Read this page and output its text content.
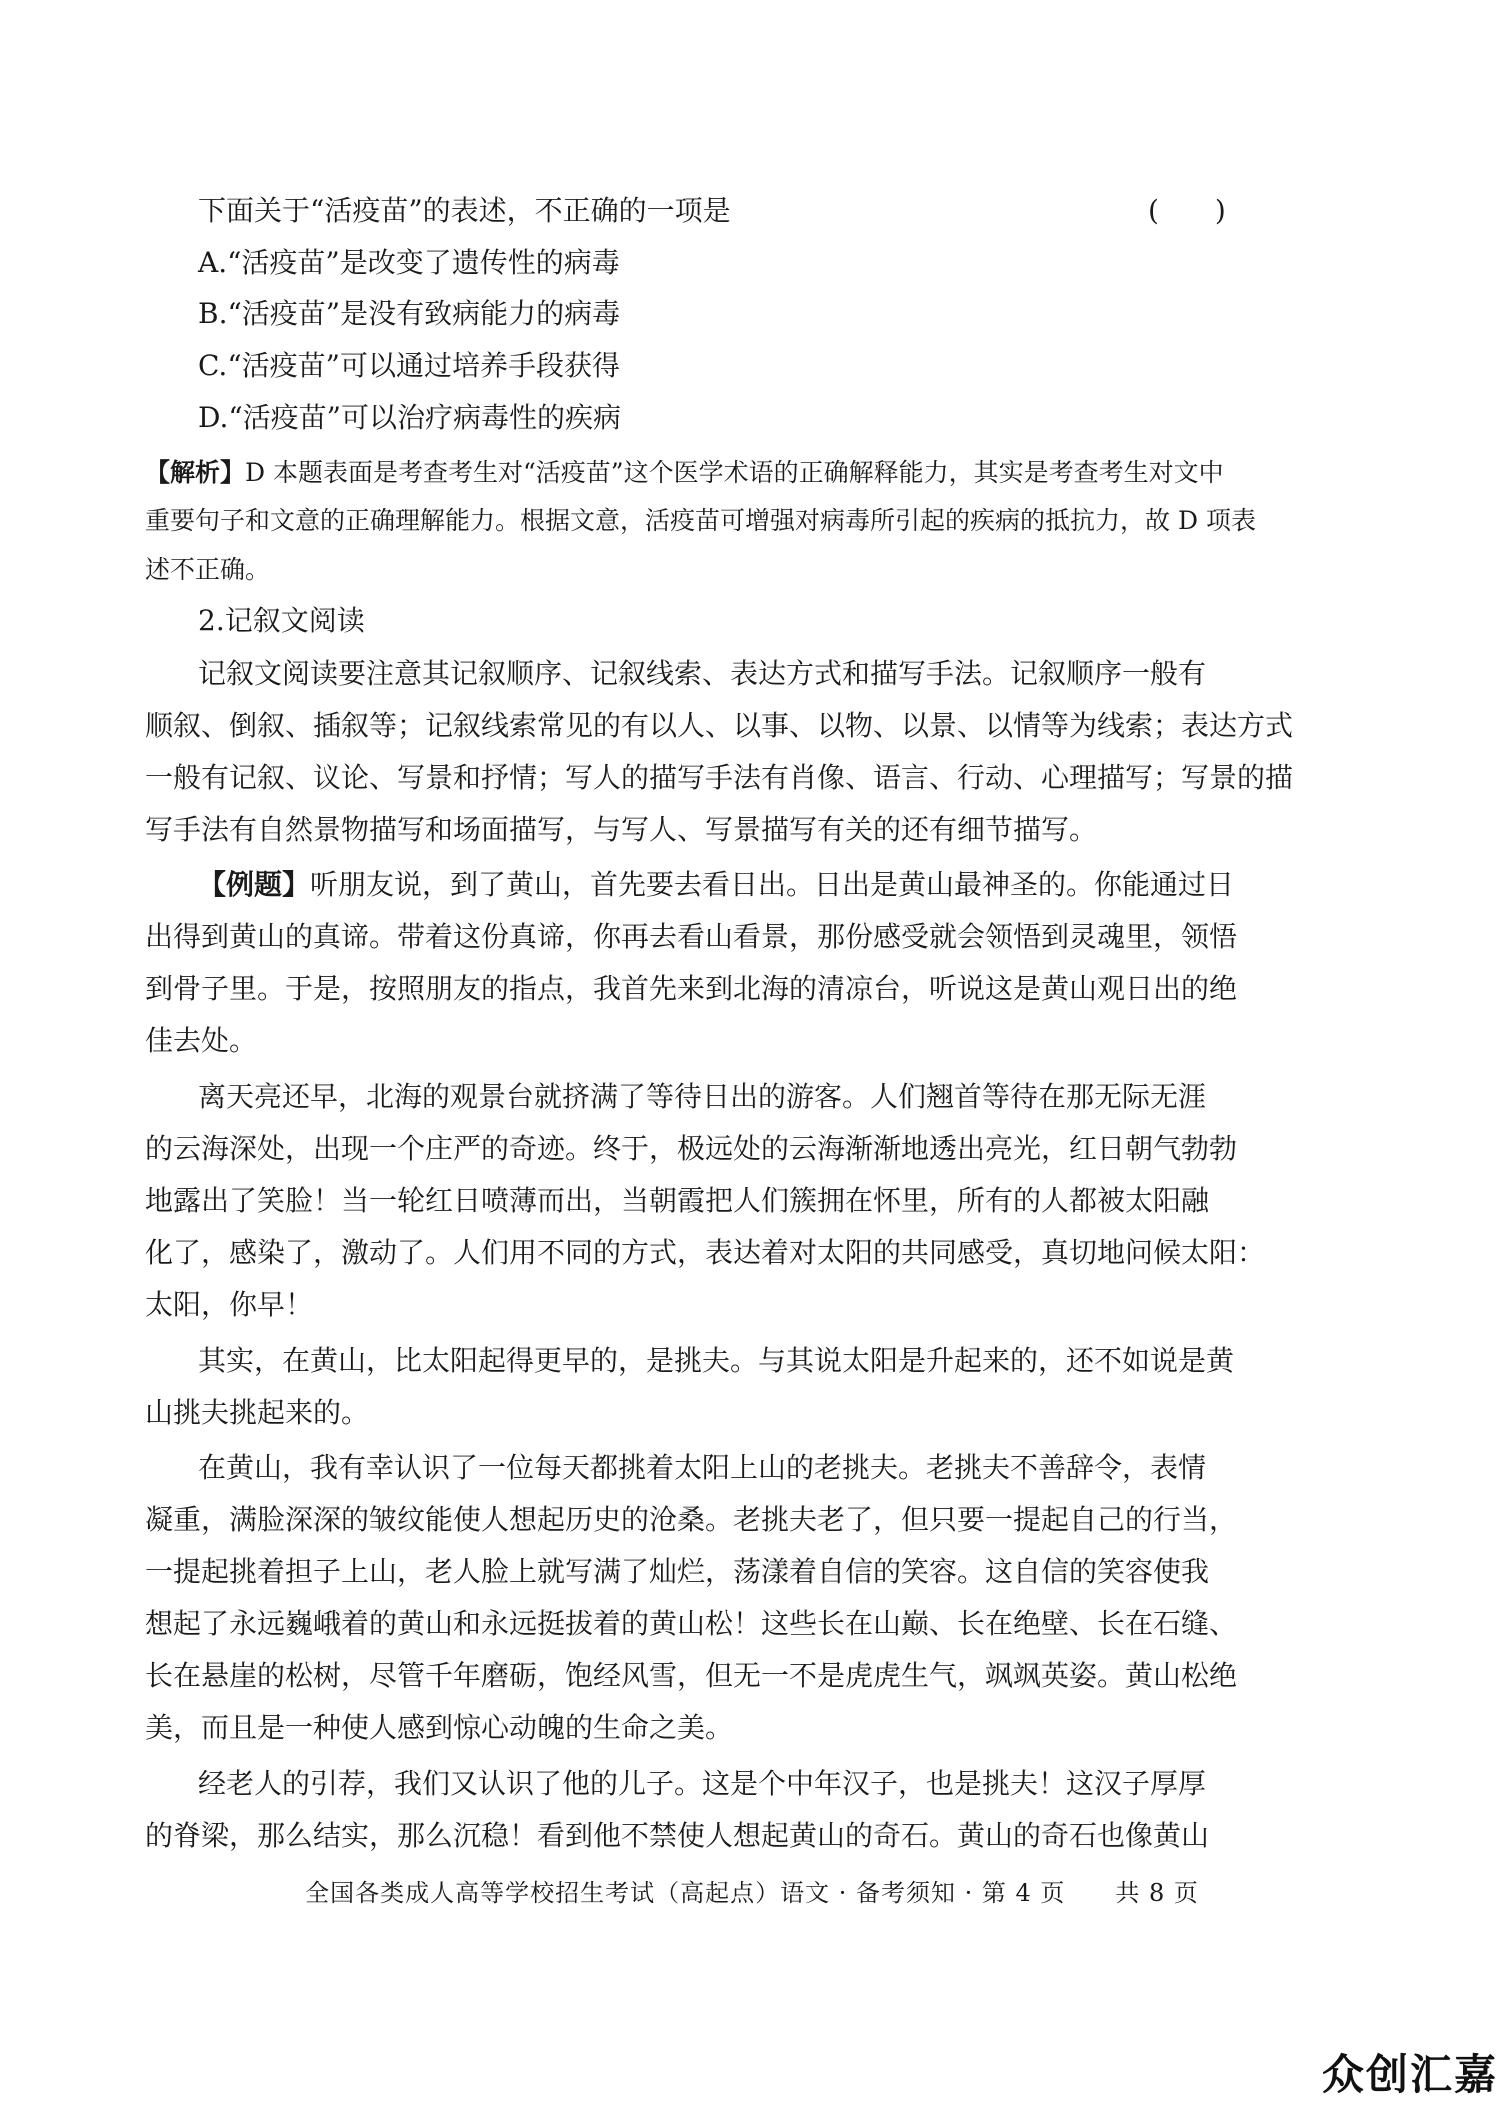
下面关于“活疫苗”的表述，不正确的一项是	(　　)
A.“活疫苗”是改变了遗传性的病毒
B.“活疫苗”是没有致病能力的病毒
C.“活疫苗”可以通过培养手段获得
D.“活疫苗”可以治疗病毒性的疾病
【解析】D 本题表面是考查考生对“活疫苗”这个医学术语的正确解释能力，其实是考查考生对文中
重要句子和文意的正确理解能力。根据文意，活疫苗可增强对病毒所引起的疾病的抵抗力，故 D 项表
述不正确。
2.记叙文阅读
记叙文阅读要注意其记叙顺序、记叙线索、表达方式和描写手法。记叙顺序一般有
顺叙、倒叙、插叙等；记叙线索常见的有以人、以事、以物、以景、以情等为线索；表达方式
一般有记叙、议论、写景和抒情；写人的描写手法有肖像、语言、行动、心理描写；写景的描
写手法有自然景物描写和场面描写，与写人、写景描写有关的还有细节描写。
【例题】听朋友说，到了黄山，首先要去看日出。日出是黄山最神圣的。你能通过日
出得到黄山的真谛。带着这份真谛，你再去看山看景，那份感受就会领悟到灵魂里，领悟
到骨子里。于是，按照朋友的指点，我首先来到北海的清凉台，听说这是黄山观日出的绝
佳去处。
离天亮还早，北海的观景台就挤满了等待日出的游客。人们翘首等待在那无际无涯
的云海深处，出现一个庄严的奇迹。终于，极远处的云海渐渐地透出亮光，红日朝气勃勃
地露出了笑脸！当一轮红日喷薄而出，当朝霞把人们簇拥在怀里，所有的人都被太阳融
化了，感染了，激动了。人们用不同的方式，表达着对太阳的共同感受，真切地问候太阳：
太阳，你早！
其实，在黄山，比太阳起得更早的，是挑夫。与其说太阳是升起来的，还不如说是黄
山挑夫挑起来的。
在黄山，我有幸认识了一位每天都挑着太阳上山的老挑夫。老挑夫不善辞令，表情
凝重，满脸深深的皱纹能使人想起历史的沧桑。老挑夫老了，但只要一提起自己的行当，
一提起挑着担子上山，老人脸上就写满了灿烂，荡漾着自信的笑容。这自信的笑容使我
想起了永远巍峨着的黄山和永远挺拔着的黄山松！这些长在山巅、长在绝壁、长在石缝、
长在悬崖的松树，尽管千年磨砺，饱经风雪，但无一不是虎虎生气，飒飒英姿。黄山松绝
美，而且是一种使人感到惊心动魄的生命之美。
经老人的引荐，我们又认识了他的儿子。这是个中年汉子，也是挑夫！这汉子厚厚
的脊梁，那么结实，那么沉稳！看到他不禁使人想起黄山的奇石。黄山的奇石也像黄山
全国各类成人高等学校招生考试（高起点）语文 · 备考须知 · 第 4 页　　共 8 页
众创汇嘉
